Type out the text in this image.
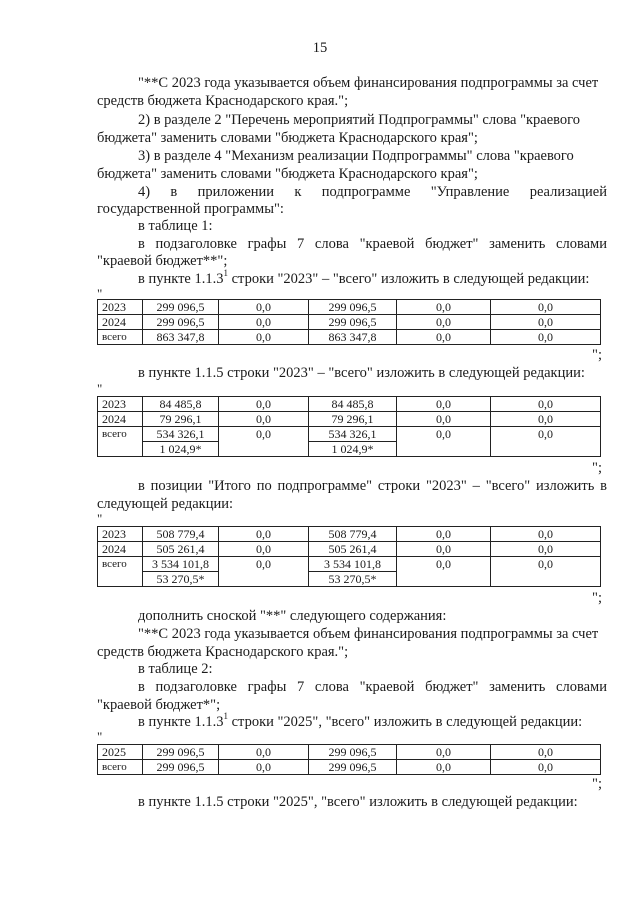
15
"**С 2023 года указывается объем финансирования подпрограммы за счет
средств бюджета Краснодарского края.";
2) в разделе 2 "Перечень мероприятий Подпрограммы" слова "краевого
бюджета" заменить словами "бюджета Краснодарского края";
3) в разделе 4 "Механизм реализации Подпрограммы" слова "краевого
бюджета" заменить словами "бюджета Краснодарского края";
4) в приложении к подпрограмме "Управление реализацией
государственной программы":
в таблице 1:
в подзаголовке графы 7 слова "краевой бюджет" заменить словами
"краевой бюджет**";
в пункте 1.1.3$^1$ строки "2023" – "всего" изложить в следующей редакции:
"
2023	299 096,5	0,0	299 096,5	0,0	0,0
2024	299 096,5	0,0	299 096,5	0,0	0,0
всего	863 347,8	0,0	863 347,8	0,0	0,0
";
в пункте 1.1.5 строки "2023" – "всего" изложить в следующей редакции:
"
2023	84 485,8	0,0	84 485,8	0,0	0,0
2024	79 296,1	0,0	79 296,1	0,0	0,0
всего	534 326,1	0,0	534 326,1	0,0	0,0
	1 024,9*		1 024,9*		
";
в позиции "Итого по подпрограмме" строки "2023" – "всего" изложить в
следующей редакции:
"
2023	508 779,4	0,0	508 779,4	0,0	0,0
2024	505 261,4	0,0	505 261,4	0,0	0,0
всего	3 534 101,8	0,0	3 534 101,8	0,0	0,0
	53 270,5*		53 270,5*		
";
дополнить сноской "**" следующего содержания:
"**С 2023 года указывается объем финансирования подпрограммы за счет
средств бюджета Краснодарского края.";
в таблице 2:
в подзаголовке графы 7 слова "краевой бюджет" заменить словами
"краевой бюджет*";
в пункте 1.1.3$^1$ строки "2025", "всего" изложить в следующей редакции:
"
2025	299 096,5	0,0	299 096,5	0,0	0,0
всего	299 096,5	0,0	299 096,5	0,0	0,0
";
в пункте 1.1.5 строки "2025", "всего" изложить в следующей редакции:
